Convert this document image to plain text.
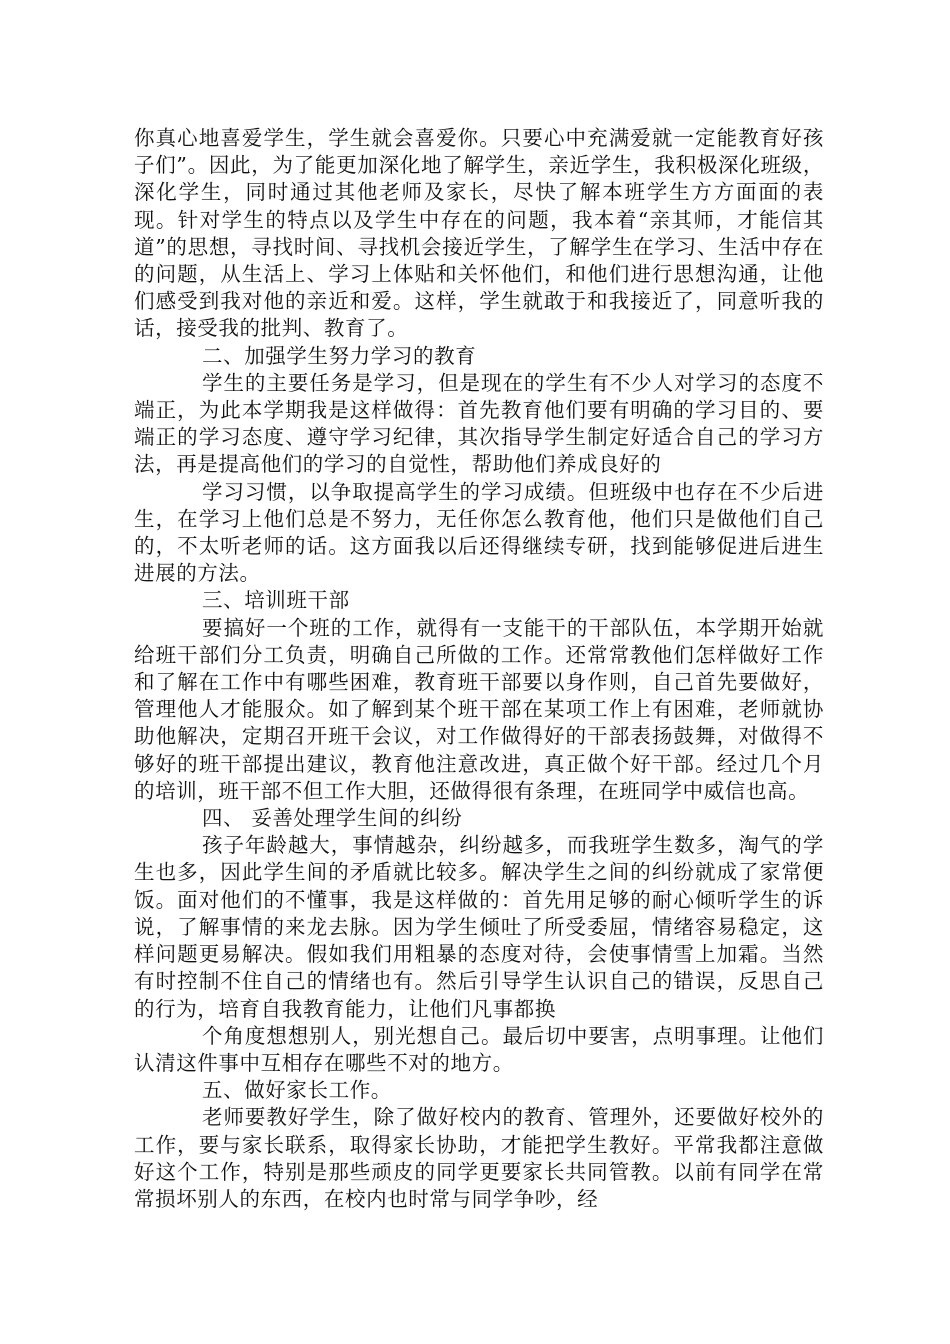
你真心地喜爱学生，学生就会喜爱你。只要心中充满爱就一定能教育好孩子们”。因此，为了能更加深化地了解学生，亲近学生，我积极深化班级，深化学生，同时通过其他老师及家长，尽快了解本班学生方方面面的表现。针对学生的特点以及学生中存在的问题，我本着“亲其师，才能信其道”的思想，寻找时间、寻找机会接近学生，了解学生在学习、生活中存在的问题，从生活上、学习上体贴和关怀他们，和他们进行思想沟通，让他们感受到我对他的亲近和爱。这样，学生就敢于和我接近了，同意听我的话，接受我的批判、教育了。

二、加强学生努力学习的教育

学生的主要任务是学习，但是现在的学生有不少人对学习的态度不端正，为此本学期我是这样做得：首先教育他们要有明确的学习目的、要端正的学习态度、遵守学习纪律，其次指导学生制定好适合自己的学习方法，再是提高他们的学习的自觉性，帮助他们养成良好的

学习习惯，以争取提高学生的学习成绩。但班级中也存在不少后进生，在学习上他们总是不努力，无任你怎么教育他，他们只是做他们自己的，不太听老师的话。这方面我以后还得继续专研，找到能够促进后进生进展的方法。

三、培训班干部

要搞好一个班的工作，就得有一支能干的干部队伍，本学期开始就给班干部们分工负责，明确自己所做的工作。还常常教他们怎样做好工作和了解在工作中有哪些困难，教育班干部要以身作则，自己首先要做好，管理他人才能服众。如了解到某个班干部在某项工作上有困难，老师就协助他解决，定期召开班干会议，对工作做得好的干部表扬鼓舞，对做得不够好的班干部提出建议，教育他注意改进，真正做个好干部。经过几个月的培训，班干部不但工作大胆，还做得很有条理，在班同学中威信也高。

四、 妥善处理学生间的纠纷

孩子年龄越大，事情越杂，纠纷越多，而我班学生数多，淘气的学生也多，因此学生间的矛盾就比较多。解决学生之间的纠纷就成了家常便饭。面对他们的不懂事，我是这样做的：首先用足够的耐心倾听学生的诉说，了解事情的来龙去脉。因为学生倾吐了所受委屈，情绪容易稳定，这样问题更易解决。假如我们用粗暴的态度对待，会使事情雪上加霜。当然有时控制不住自己的情绪也有。然后引导学生认识自己的错误，反思自己的行为，培育自我教育能力，让他们凡事都换

个角度想想别人，别光想自己。最后切中要害，点明事理。让他们认清这件事中互相存在哪些不对的地方。

五、做好家长工作。

老师要教好学生，除了做好校内的教育、管理外，还要做好校外的工作，要与家长联系，取得家长协助，才能把学生教好。平常我都注意做好这个工作，特别是那些顽皮的同学更要家长共同管教。以前有同学在常常损坏别人的东西，在校内也时常与同学争吵，经
